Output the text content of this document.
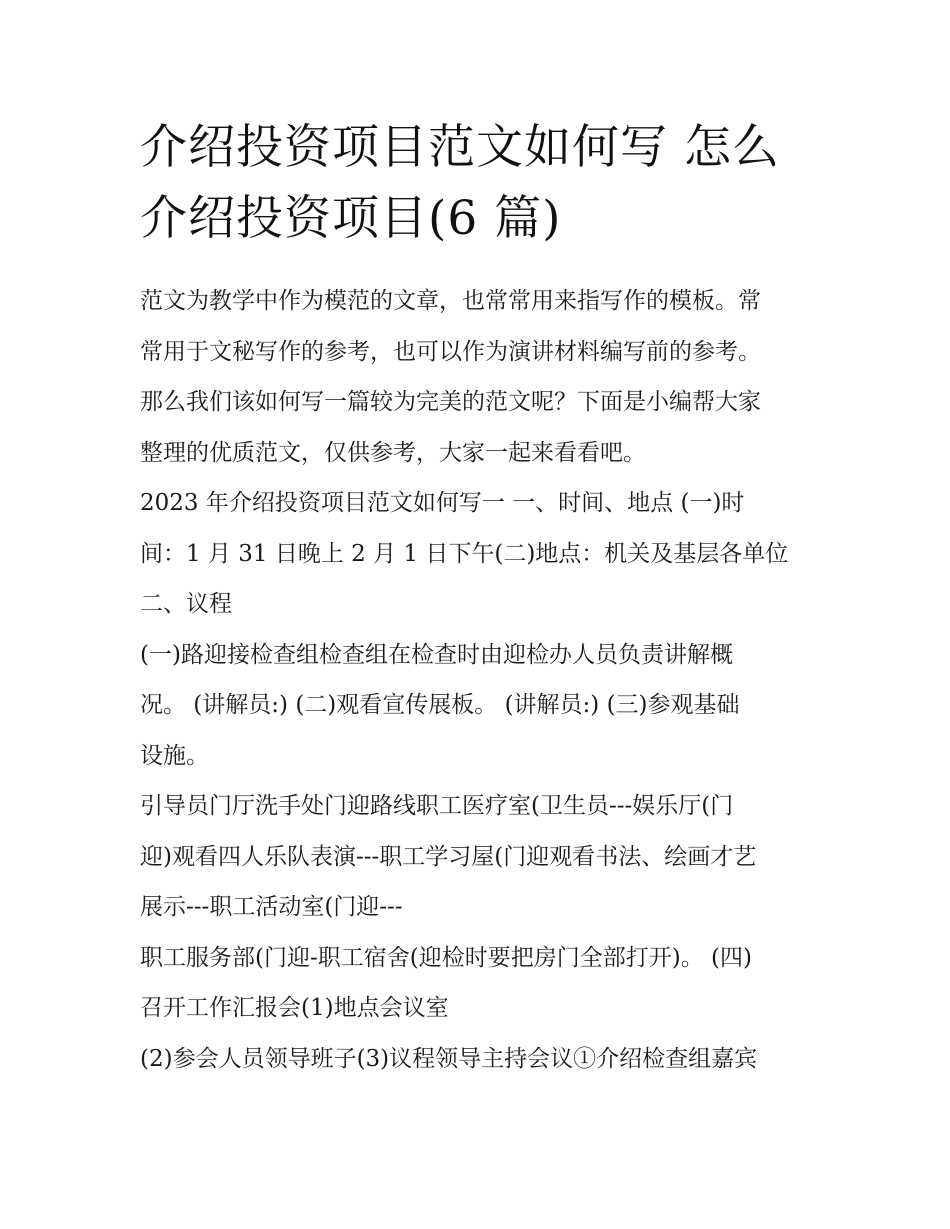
介绍投资项目范文如何写 怎么
介绍投资项目(6 篇)
范文为教学中作为模范的文章，也常常用来指写作的模板。常
常用于文秘写作的参考，也可以作为演讲材料编写前的参考。
那么我们该如何写一篇较为完美的范文呢？下面是小编帮大家
整理的优质范文，仅供参考，大家一起来看看吧。
2023 年介绍投资项目范文如何写一 一、时间、地点 (一)时
间：1 月 31 日晚上 2 月 1 日下午(二)地点：机关及基层各单位
二、议程
(一)路迎接检查组检查组在检查时由迎检办人员负责讲解概
况。 (讲解员:) (二)观看宣传展板。 (讲解员:) (三)参观基础
设施。
引导员门厅洗手处门迎路线职工医疗室(卫生员---娱乐厅(门
迎)观看四人乐队表演---职工学习屋(门迎观看书法、绘画才艺
展示---职工活动室(门迎---
职工服务部(门迎-职工宿舍(迎检时要把房门全部打开)。 (四)
召开工作汇报会(1)地点会议室
(2)参会人员领导班子(3)议程领导主持会议①介绍检查组嘉宾
